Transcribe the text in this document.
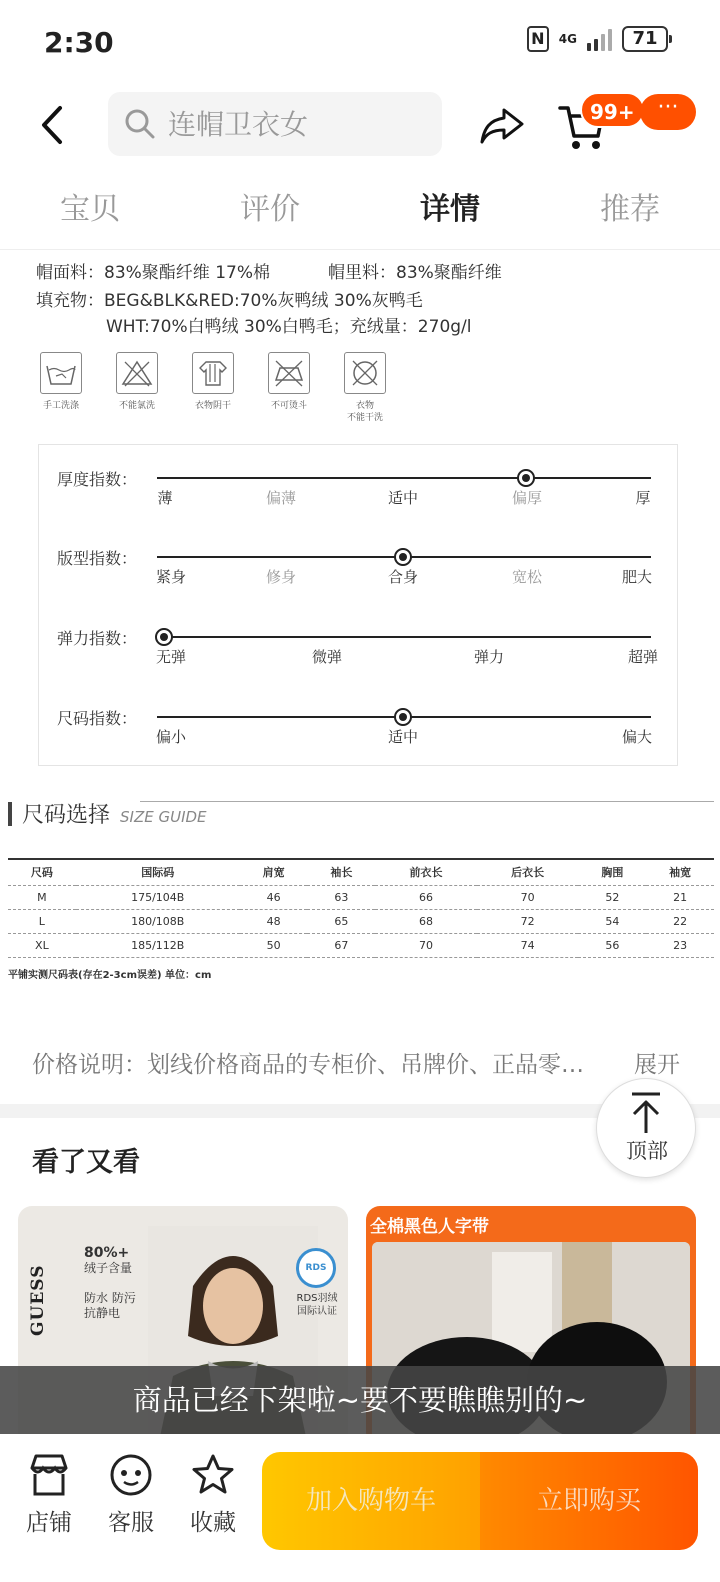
2:30	N	4G	71
连帽卫衣女
99+	···
宝贝	评价	详情	推荐
帽面料：83%聚酯纤维 17%棉	帽里料：83%聚酯纤维
填充物：BEG&BLK&RED:70%灰鸭绒 30%灰鸭毛
WHT:70%白鸭绒 30%白鸭毛；充绒量：270g/l
手工洗涤	不能氯洗	衣物阴干	不可烫斗	衣物
不能干洗
厚度指数：
薄	偏薄	适中	偏厚	厚
版型指数：
紧身	修身	合身	宽松	肥大
弹力指数：
无弹	微弹	弹力	超弹
尺码指数：
偏小	适中	偏大
尺码选择 SIZE GUIDE
尺码	国际码	肩宽	袖长	前衣长	后衣长	胸围	袖宽
M	175/104B	46	63	66	70	52	21
L	180/108B	48	65	68	72	54	22
XL	185/112B	50	67	70	74	56	23
平铺实测尺码表(存在2-3cm误差) 单位：cm
价格说明：划线价格商品的专柜价、吊牌价、正品零… 展开
看了又看
GUESS
80%+
绒子含量

防水 防污
抗静电
RDS
RDS羽绒
国际认证
全棉黑色人字带
商品已经下架啦~要不要瞧瞧别的~
顶部
店铺	客服	收藏
加入购物车	立即购买
